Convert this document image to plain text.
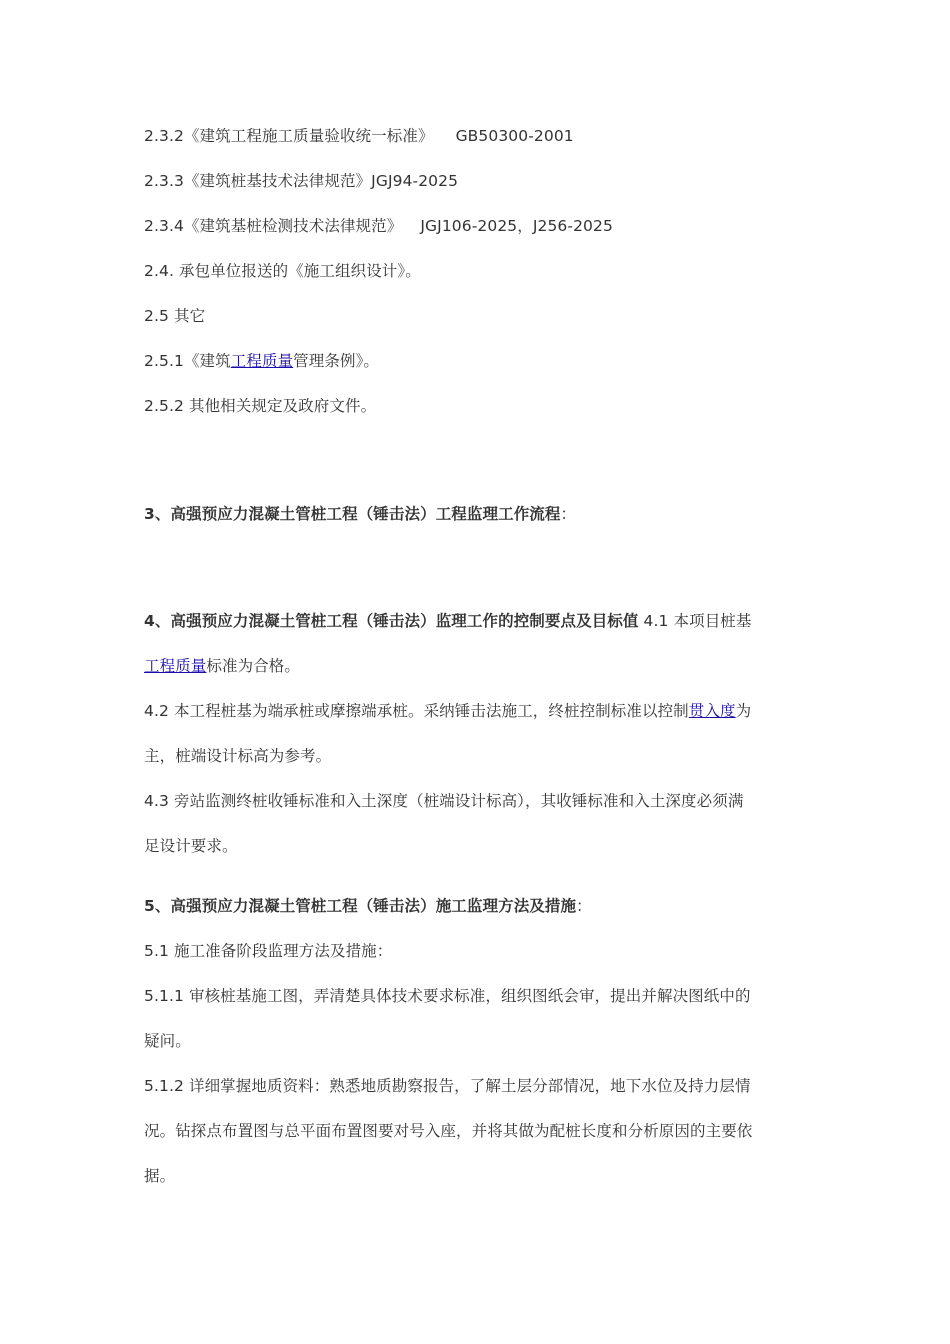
2.3.2《建筑工程施工质量验收统一标准》 GB50300-2001
2.3.3《建筑桩基技术法律规范》JGJ94-2025
2.3.4《建筑基桩检测技术法律规范》 JGJ106-2025，J256-2025
2.4. 承包单位报送的《施工组织设计》。
2.5 其它
2.5.1《建筑工程质量管理条例》。
2.5.2 其他相关规定及政府文件。
3、高强预应力混凝土管桩工程（锤击法）工程监理工作流程：
4、高强预应力混凝土管桩工程（锤击法）监理工作的控制要点及目标值 4.1 本项目桩基
工程质量标准为合格。
4.2 本工程桩基为端承桩或摩擦端承桩。采纳锤击法施工，终桩控制标准以控制贯入度为
主，桩端设计标高为参考。
4.3 旁站监测终桩收锤标准和入土深度（桩端设计标高），其收锤标准和入土深度必须满
足设计要求。
5、高强预应力混凝土管桩工程（锤击法）施工监理方法及措施：
5.1 施工准备阶段监理方法及措施：
5.1.1 审核桩基施工图，弄清楚具体技术要求标准，组织图纸会审，提出并解决图纸中的
疑问。
5.1.2 详细掌握地质资料：熟悉地质勘察报告，了解土层分部情况，地下水位及持力层情
况。钻探点布置图与总平面布置图要对号入座，并将其做为配桩长度和分析原因的主要依
据。
